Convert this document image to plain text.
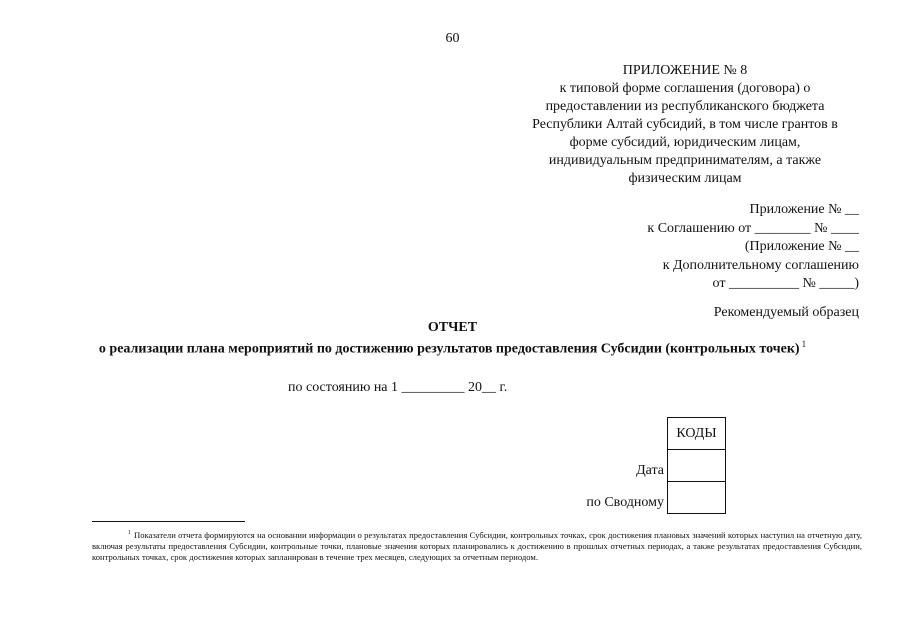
60
ПРИЛОЖЕНИЕ № 8
к типовой форме соглашения (договора) о
предоставлении из республиканского бюджета
Республики Алтай субсидий, в том числе грантов в
форме субсидий, юридическим лицам,
индивидуальным предпринимателям, а также
физическим лицам
Приложение № __
к Соглашению от ________ № ____
(Приложение № __
к Дополнительному соглашению
от __________ № _____)
Рекомендуемый образец
ОТЧЕТ
о реализации плана мероприятий по достижению результатов предоставления Субсидии (контрольных точек) $^1$
по состоянию на 1 _________ 20__ г.
	КОДЫ
Дата	
по Сводному	
$^1$ Показатели отчета формируются на основании информации о результатах предоставления Субсидии, контрольных точках, срок достижения плановых значений которых наступил на отчетную дату, включая результаты предоставления Субсидии, контрольные точки, плановые значения которых планировались к достижению в прошлых отчетных периодах, а также результатах предоставления Субсидии, контрольных точках, срок достижения которых запланирован в течение трех месяцев, следующих за отчетным периодом.
